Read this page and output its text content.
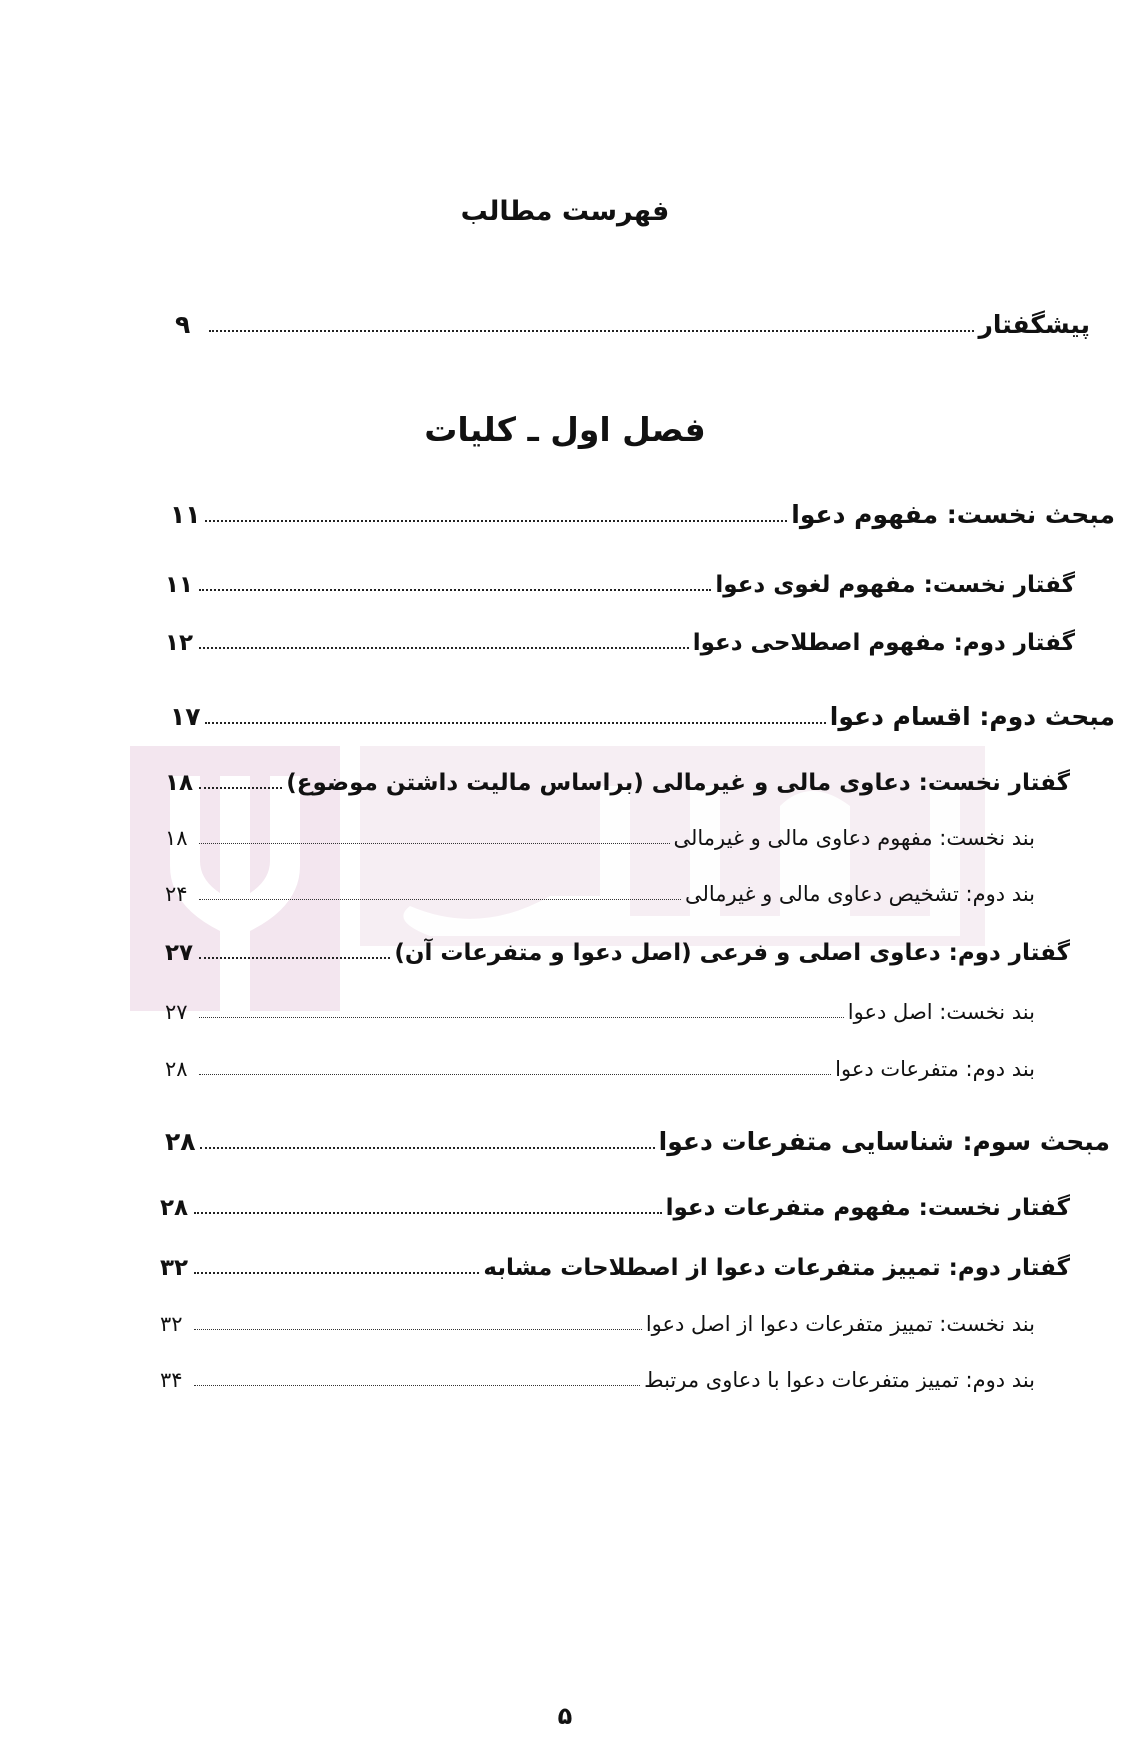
فهرست مطالب
پیشگفتار
۹
فصل اول ـ کلیات
مبحث نخست: مفهوم دعوا
۱۱
گفتار نخست: مفهوم لغوی دعوا
۱۱
گفتار دوم: مفهوم اصطلاحی دعوا
۱۲
مبحث دوم: اقسام دعوا
۱۷
گفتار نخست: دعاوی مالی و غیرمالی (براساس مالیت داشتن موضوع)
۱۸
بند نخست: مفهوم دعاوی مالی و غیرمالی
۱۸
بند دوم: تشخیص دعاوی مالی و غیرمالی
۲۴
گفتار دوم: دعاوی اصلی و فرعی (اصل دعوا و متفرعات آن)
۲۷
بند نخست: اصل دعوا
۲۷
بند دوم: متفرعات دعوا
۲۸
مبحث سوم: شناسایی متفرعات دعوا
۲۸
گفتار نخست: مفهوم متفرعات دعوا
۲۸
گفتار دوم: تمییز متفرعات دعوا از اصطلاحات مشابه
۳۲
بند نخست: تمییز متفرعات دعوا از اصل دعوا
۳۲
بند دوم: تمییز متفرعات دعوا با دعاوی مرتبط
۳۴
۵
